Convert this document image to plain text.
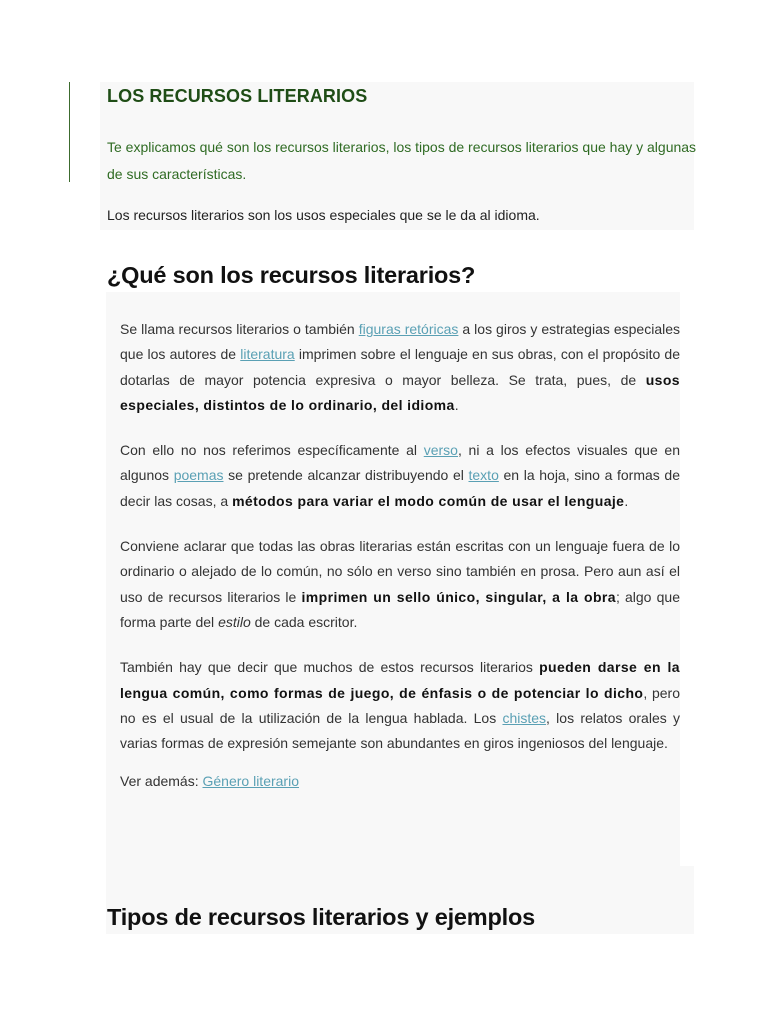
LOS RECURSOS LITERARIOS
Te explicamos qué son los recursos literarios, los tipos de recursos literarios que hay y algunas de sus características.
Los recursos literarios son los usos especiales que se le da al idioma.
¿Qué son los recursos literarios?

Se llama recursos literarios o también figuras retóricas a los giros y estrategias especiales que los autores de literatura imprimen sobre el lenguaje en sus obras, con el propósito de dotarlas de mayor potencia expresiva o mayor belleza. Se trata, pues, de usos especiales, distintos de lo ordinario, del idioma.

Con ello no nos referimos específicamente al verso, ni a los efectos visuales que en algunos poemas se pretende alcanzar distribuyendo el texto en la hoja, sino a formas de decir las cosas, a métodos para variar el modo común de usar el lenguaje.

Conviene aclarar que todas las obras literarias están escritas con un lenguaje fuera de lo ordinario o alejado de lo común, no sólo en verso sino también en prosa. Pero aun así el uso de recursos literarios le imprimen un sello único, singular, a la obra; algo que forma parte del estilo de cada escritor.

También hay que decir que muchos de estos recursos literarios pueden darse en la lengua común, como formas de juego, de énfasis o de potenciar lo dicho, pero no es el usual de la utilización de la lengua hablada. Los chistes, los relatos orales y varias formas de expresión semejante son abundantes en giros ingeniosos del lenguaje.

Ver además: Género literario
Tipos de recursos literarios y ejemplos
